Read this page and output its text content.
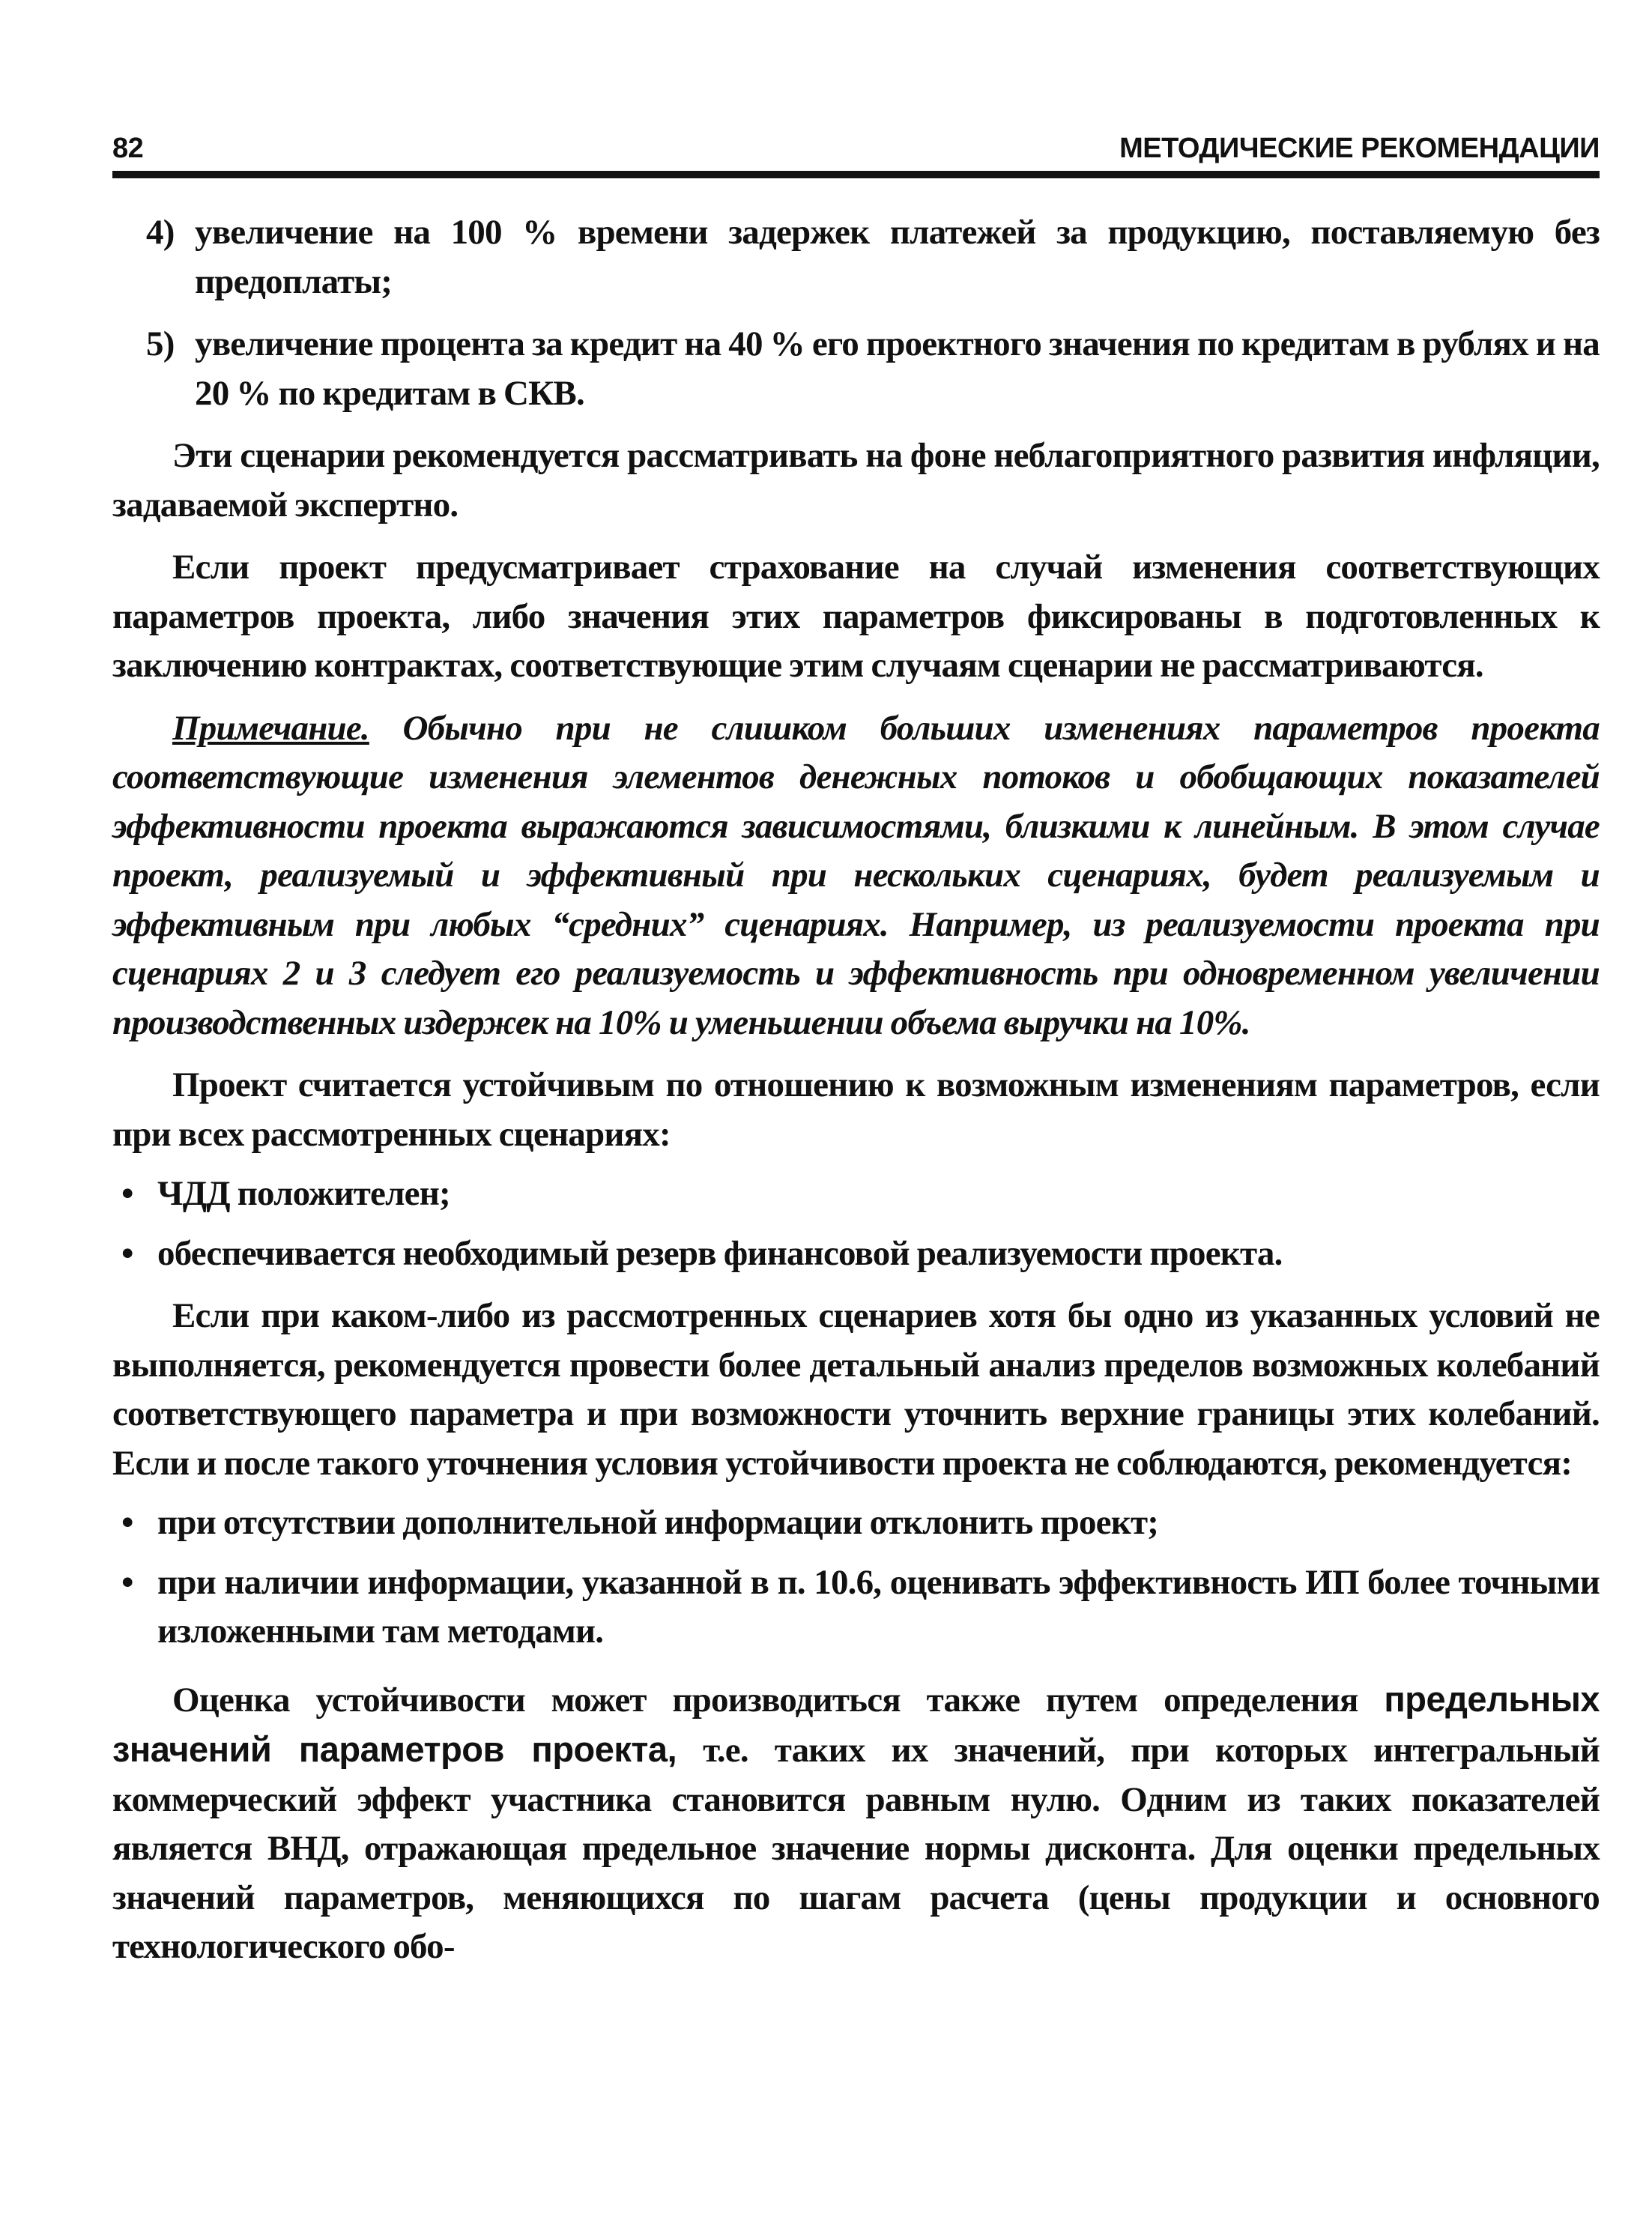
82	МЕТОДИЧЕСКИЕ РЕКОМЕНДАЦИИ
4) увеличение на 100 % времени задержек платежей за продукцию, поставляемую без предоплаты;
5) увеличение процента за кредит на 40 % его проектного значения по кредитам в рублях и на 20 % по кредитам в СКВ.

Эти сценарии рекомендуется рассматривать на фоне неблагоприятного развития инфляции, задаваемой экспертно.

Если проект предусматривает страхование на случай изменения соответствующих параметров проекта, либо значения этих параметров фиксированы в подготовленных к заключению контрактах, соответствующие этим случаям сценарии не рассматриваются.

Примечание. Обычно при не слишком больших изменениях параметров проекта соответствующие изменения элементов денежных потоков и обобщающих показателей эффективности проекта выражаются зависимостями, близкими к линейным. В этом случае проект, реализуемый и эффективный при нескольких сценариях, будет реализуемым и эффективным при любых “средних” сценариях. Например, из реализуемости проекта при сценариях 2 и 3 следует его реализуемость и эффективность при одновременном увеличении производственных издержек на 10% и уменьшении объема выручки на 10%.

Проект считается устойчивым по отношению к возможным изменениям параметров, если при всех рассмотренных сценариях:

• ЧДД положителен;
• обеспечивается необходимый резерв финансовой реализуемости проекта.

Если при каком-либо из рассмотренных сценариев хотя бы одно из указанных условий не выполняется, рекомендуется провести более детальный анализ пределов возможных колебаний соответствующего параметра и при возможности уточнить верхние границы этих колебаний. Если и после такого уточнения условия устойчивости проекта не соблюдаются, рекомендуется:

• при отсутствии дополнительной информации отклонить проект;
• при наличии информации, указанной в п. 10.6, оценивать эффективность ИП более точными изложенными там методами.

Оценка устойчивости может производиться также путем определения предельных значений параметров проекта, т.е. таких их значений, при которых интегральный коммерческий эффект участника становится равным нулю. Одним из таких показателей является ВНД, отражающая предельное значение нормы дисконта. Для оценки предельных значений параметров, меняющихся по шагам расчета (цены продукции и основного технологического обо-
